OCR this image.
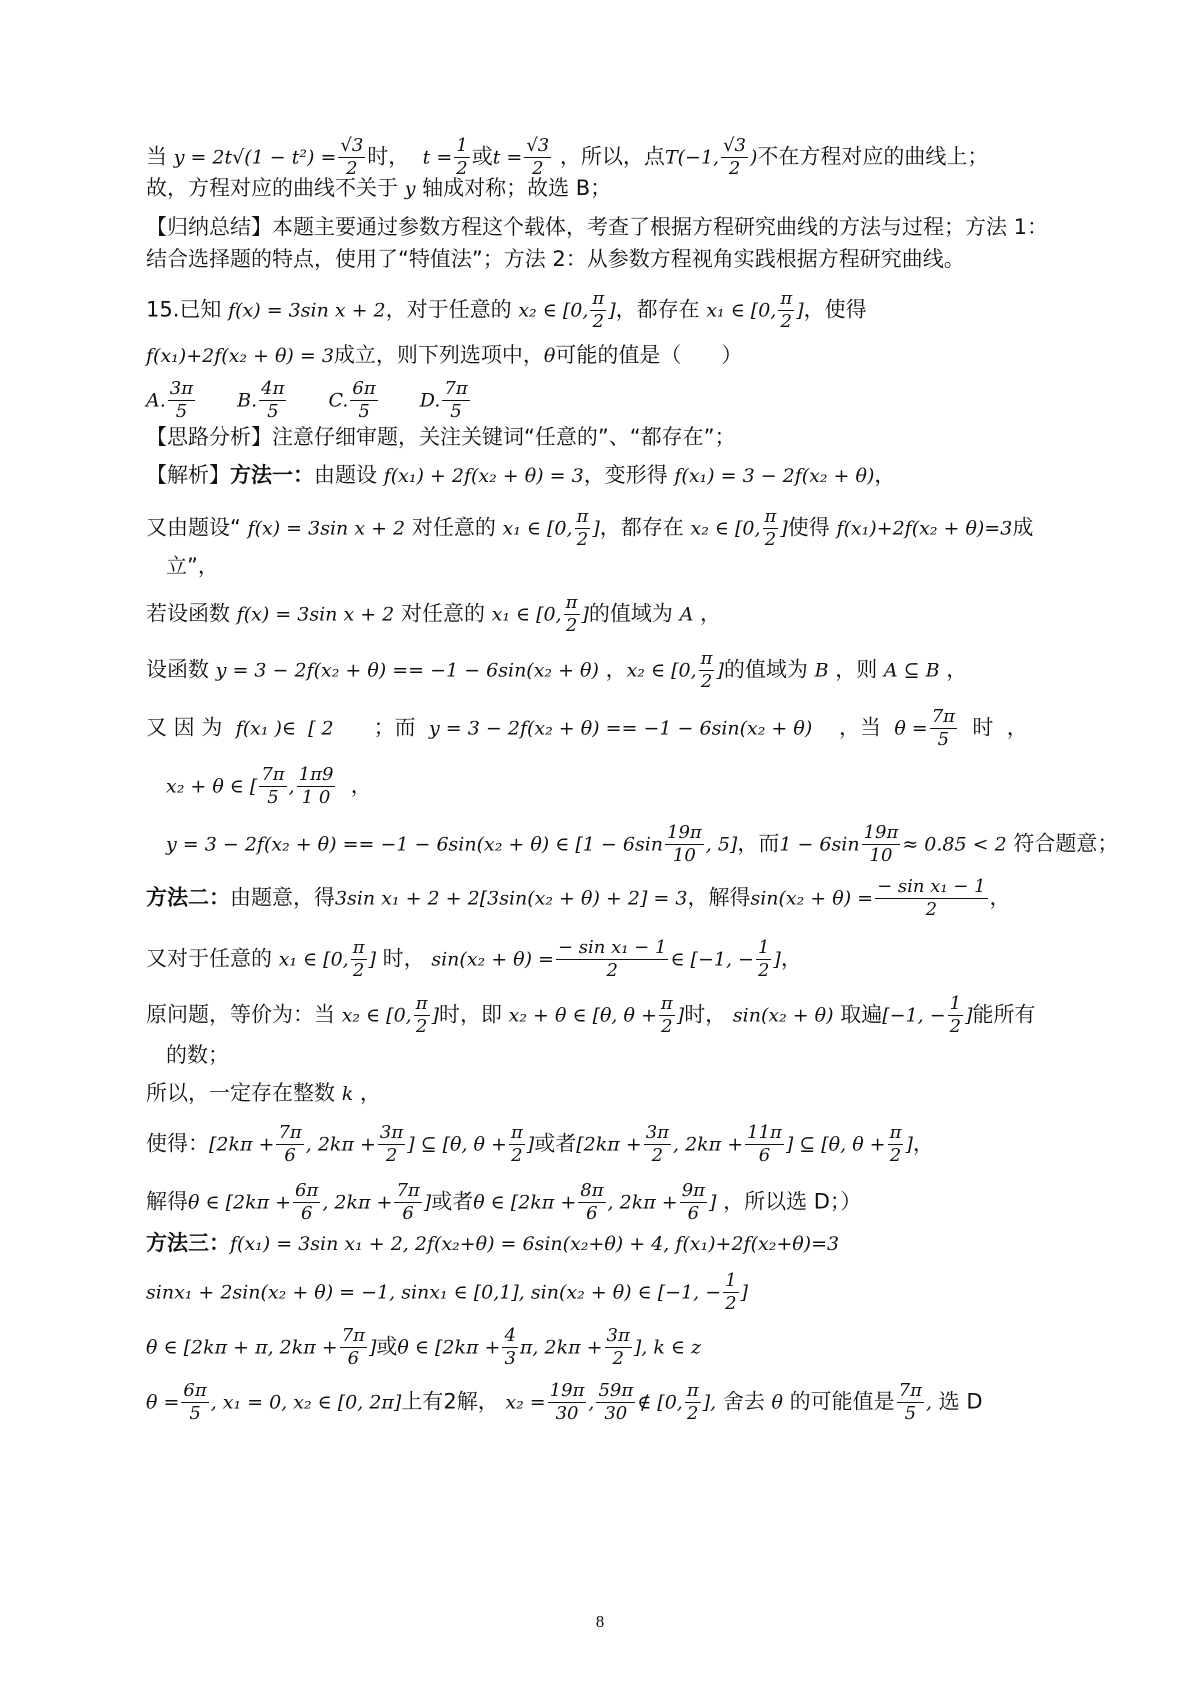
当 $y = 2t√(1 - t^2) = \frac{√3}{2}$ 时，  $t = \frac{1}{2}$ 或$t = \frac{√3}{2}$ ，所以，点T(−1, $\frac{√3}{2}$ )不在方程对应的曲线上；
故，方程对应的曲线不关于 y 轴成对称；故选 B；
【归纳总结】本题主要通过参数方程这个载体，考查了根据方程研究曲线的方法与过程；方法 1：
结合选择题的特点，使用了“特值法”；方法 2：从参数方程视角实践根据方程研究曲线。
15.已知 f(x) = 3sin x + 2，对于任意的 x₂ ∈ [0, $\frac{\pi}{2}$ ]，都存在 x₁ ∈ [0, $\frac{\pi}{2}$ ]，使得
f(x₁)+2f(x₂ + θ) = 3成立，则下列选项中，θ可能的值是（      ）
A. $\frac{3\pi}{5} B$. $\frac{4\pi}{5} C$. $\frac{6\pi}{5} D$. $\frac{7\pi}{5}$
【思路分析】注意仔细审题，关注关键词“任意的”、“都存在”；
【解析】方法一：由题设 f(x₁) + 2f(x₂ + θ) = 3，变形得 f(x₁) = 3 − 2f(x₂ + θ)，
又由题设“ f(x) = 3sin x + 2 对任意的 x₁ ∈ [0, $\frac{\pi}{2}$ ]，都存在 x₂ ∈ [0, $\frac{\pi}{2}$ ]使得 f(x₁)+2f(x₂ + θ)=3成
立”，
若设函数 f(x) = 3sin x + 2 对任意的 x₁ ∈ [0, $\frac{\pi}{2}$ ]的值域为 A ，
设函数 y = 3 − 2f(x₂ + θ) == −1 − 6sin(x₂ + θ) ，x₂ ∈ [0, $\frac{\pi}{2}$ ]的值域为 B ，则 A ⊆ B ，
又 因 为  f(x₁ )∈  [ 2      ；而  y = 3 − 2f(x₂ + θ) == −1 − 6sin(x₂ + θ)    ，当  $\theta = \frac{7\pi}{5}$ 时  ，
x₂ + θ ∈ [ $\frac{7\pi}{5}$ , $\frac{1\pi 9}{1 0}$ ，
y = 3 − 2f(x₂ + θ) == −1 − 6sin(x₂ + θ) ∈ [$1 - 6\sin \frac{19\pi}{10}$ , 5]，而$1 - 6\sin \frac{19\pi}{10} \approx 0.85 < 2$ 符合题意；
方法二：由题意，得3sin x₁ + 2 + 2[3sin(x₂ + θ) + 2] = 3，解得$\sin(x_2 + \theta) = \frac{\text{− sin x₁ − 1}}{2}$ ，
又对于任意的 x₁ ∈ [0, $\frac{\pi}{2}$ ] 时， $\sin(x_2 + \theta) = \frac{\text{− sin x₁ − 1}}{2}$ ∈ [−1, − $\frac{1}{2}$ ]，
原问题，等价为：当 x₂ ∈ [0, $\frac{\pi}{2}$ ]时，即 x₂ + θ ∈ [θ, $\theta + \frac{\pi}{2}$ ]时， sin(x₂ + θ) 取遍[−1, − $\frac{1}{2}$ ]能所有
的数；
所以，一定存在整数 k ，
使得：[$2k\pi + \frac{7\pi}{6}$ , $2k\pi + \frac{3\pi}{2}$ ] ⊆ [θ, $\theta + \frac{\pi}{2}$ ]或者[$2k\pi + \frac{3\pi}{2}$ , $2k\pi + \frac{11\pi}{6}$ ] ⊆ [θ, $\theta + \frac{\pi}{2}$ ]，
解得θ ∈ [$2k\pi + \frac{6\pi}{6}$ , $2k\pi + \frac{7\pi}{6}$ ]或者θ ∈ [$2k\pi + \frac{8\pi}{6}$ , $2k\pi + \frac{9\pi}{6}$ ] ，所以选 D；）
方法三：f(x₁) = 3sin x₁ + 2, 2f(x₂+θ) = 6sin(x₂+θ) + 4, f(x₁)+2f(x₂+θ)=3
sinx₁ + 2sin(x₂ + θ) = −1, sinx₁ ∈ [0,1], sin(x₂ + θ) ∈ [−1, − $\frac{1}{2}$ ]
θ ∈ [2kπ + π, $2k\pi + \frac{7\pi}{6}$ ]或θ ∈ [$2k\pi + \frac{4}{3} \pi$, $2k\pi + \frac{3\pi}{2}$ ], k ∈ z
$\theta = \frac{6\pi}{5}$ , x₁ = 0, x₂ ∈ [0, 2π]上有2解， $x_2 = \frac{19\pi}{30}$ , $\frac{59\pi}{30}$ ∉ [0, $\frac{\pi}{2}$ ], 舍去 θ 的可能值是 $\frac{7\pi}{5}$ , 选 D
8
